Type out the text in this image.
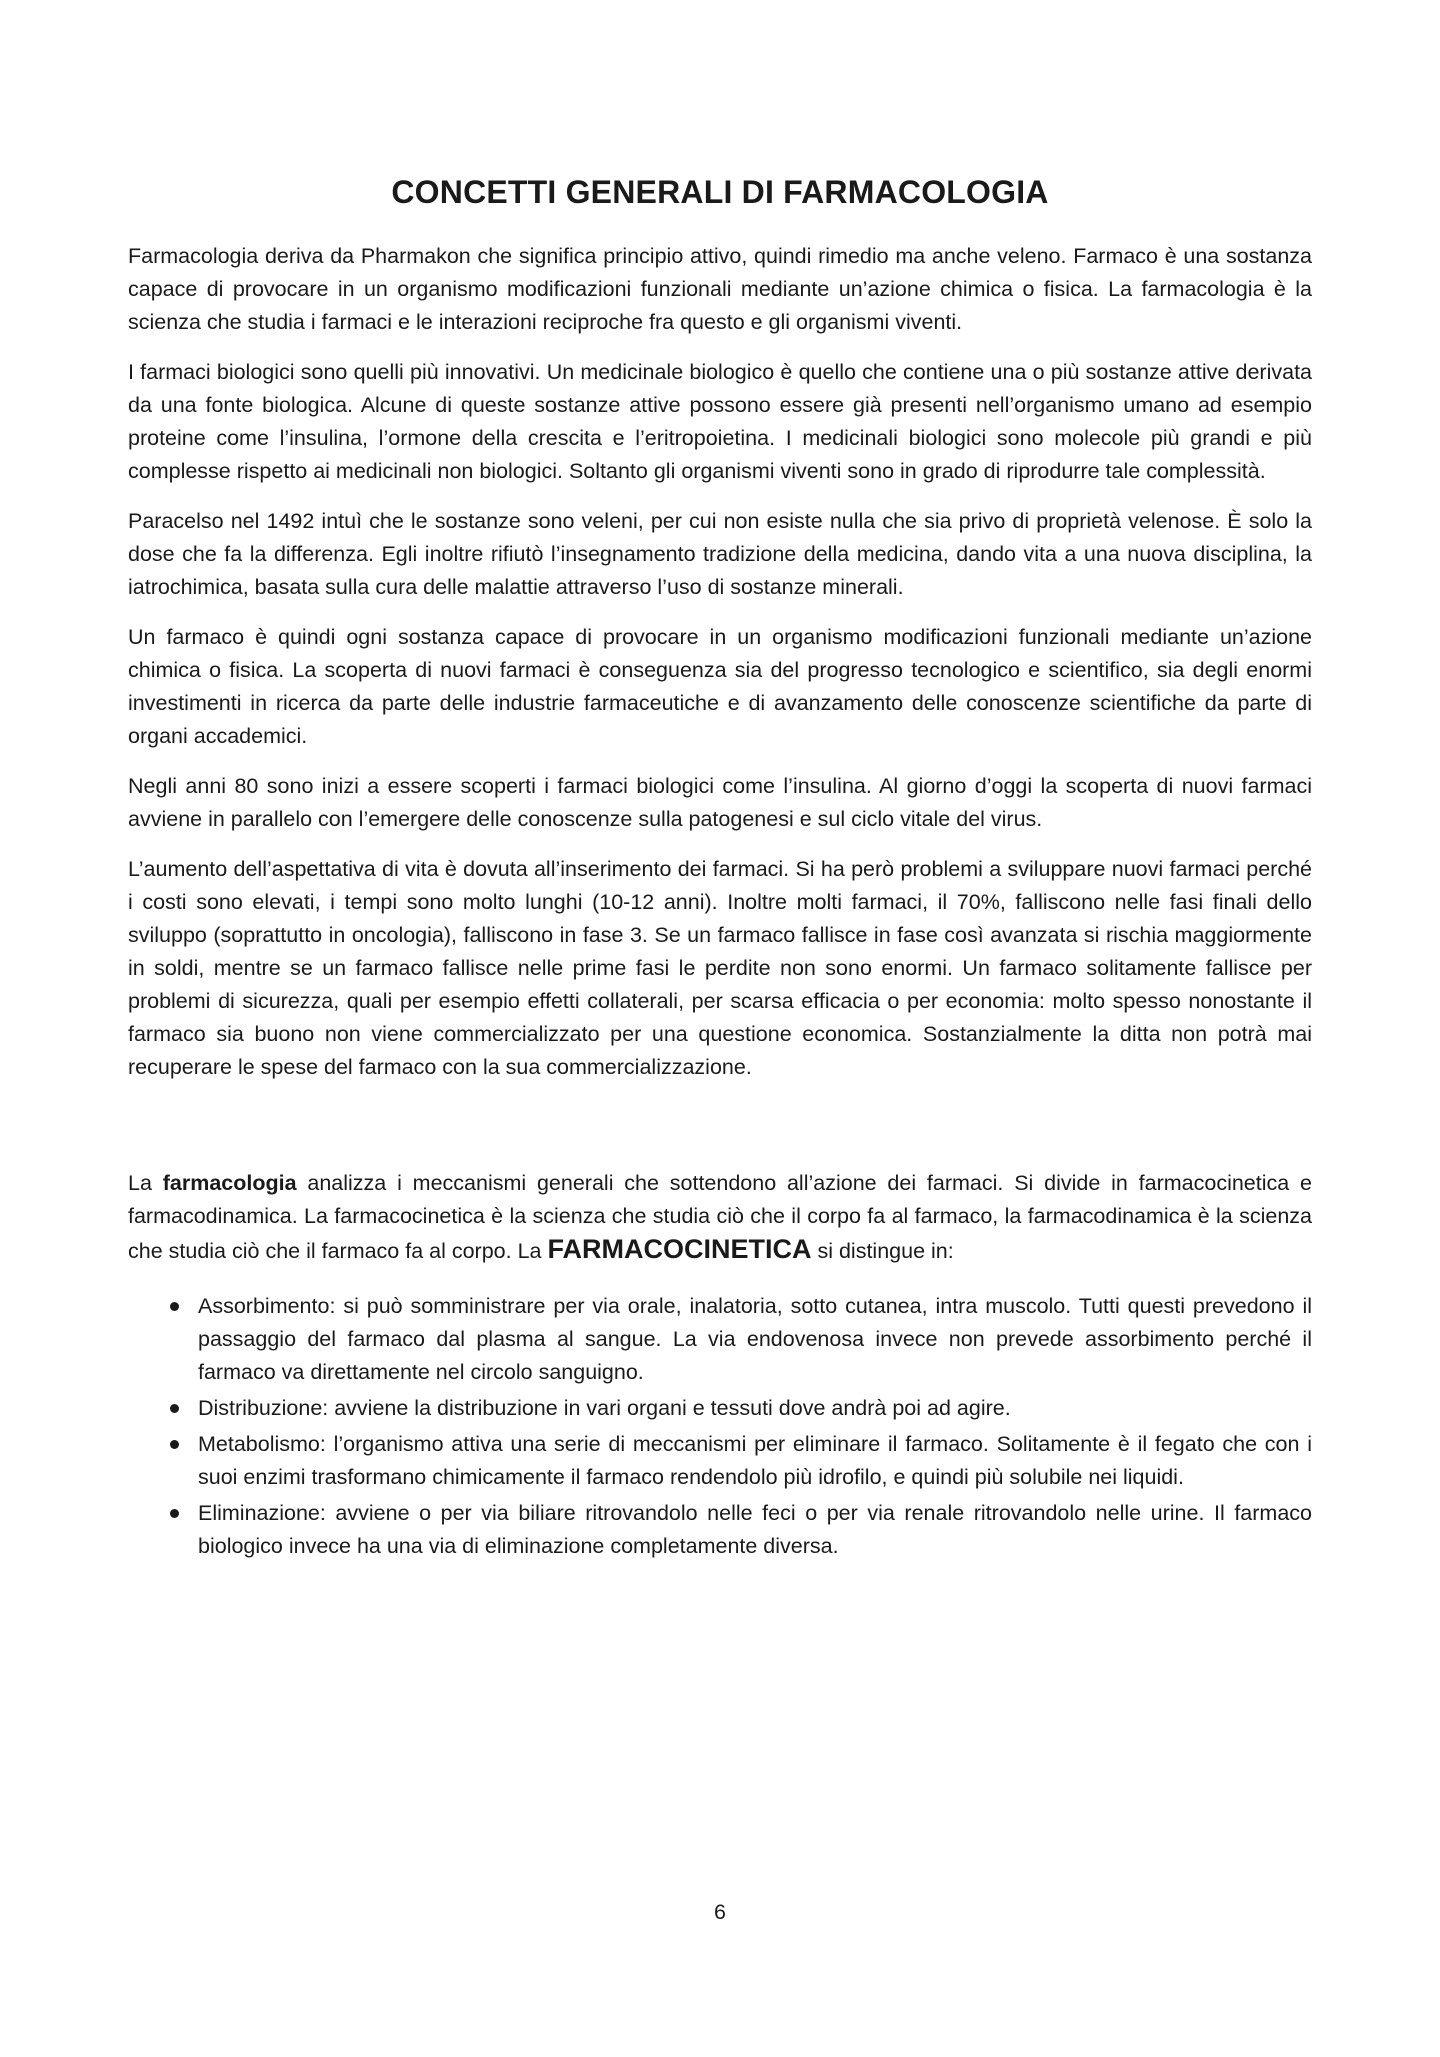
CONCETTI GENERALI DI FARMACOLOGIA

Farmacologia deriva da Pharmakon che significa principio attivo, quindi rimedio ma anche veleno. Farmaco è una sostanza capace di provocare in un organismo modificazioni funzionali mediante un’azione chimica o fisica. La farmacologia è la scienza che studia i farmaci e le interazioni reciproche fra questo e gli organismi viventi.

I farmaci biologici sono quelli più innovativi. Un medicinale biologico è quello che contiene una o più sostanze attive derivata da una fonte biologica. Alcune di queste sostanze attive possono essere già presenti nell’organismo umano ad esempio proteine come l’insulina, l’ormone della crescita e l’eritropoietina. I medicinali biologici sono molecole più grandi e più complesse rispetto ai medicinali non biologici. Soltanto gli organismi viventi sono in grado di riprodurre tale complessità.

Paracelso nel 1492 intuì che le sostanze sono veleni, per cui non esiste nulla che sia privo di proprietà velenose. È solo la dose che fa la differenza. Egli inoltre rifiutò l’insegnamento tradizione della medicina, dando vita a una nuova disciplina, la iatrochimica, basata sulla cura delle malattie attraverso l’uso di sostanze minerali.

Un farmaco è quindi ogni sostanza capace di provocare in un organismo modificazioni funzionali mediante un’azione chimica o fisica. La scoperta di nuovi farmaci è conseguenza sia del progresso tecnologico e scientifico, sia degli enormi investimenti in ricerca da parte delle industrie farmaceutiche e di avanzamento delle conoscenze scientifiche da parte di organi accademici.

Negli anni 80 sono inizi a essere scoperti i farmaci biologici come l’insulina. Al giorno d’oggi la scoperta di nuovi farmaci avviene in parallelo con l’emergere delle conoscenze sulla patogenesi e sul ciclo vitale del virus.

L’aumento dell’aspettativa di vita è dovuta all’inserimento dei farmaci. Si ha però problemi a sviluppare nuovi farmaci perché i costi sono elevati, i tempi sono molto lunghi (10-12 anni). Inoltre molti farmaci, il 70%, falliscono nelle fasi finali dello sviluppo (soprattutto in oncologia), falliscono in fase 3. Se un farmaco fallisce in fase così avanzata si rischia maggiormente in soldi, mentre se un farmaco fallisce nelle prime fasi le perdite non sono enormi. Un farmaco solitamente fallisce per problemi di sicurezza, quali per esempio effetti collaterali, per scarsa efficacia o per economia: molto spesso nonostante il farmaco sia buono non viene commercializzato per una questione economica. Sostanzialmente la ditta non potrà mai recuperare le spese del farmaco con la sua commercializzazione.

La farmacologia analizza i meccanismi generali che sottendono all’azione dei farmaci. Si divide in farmacocinetica e farmacodinamica. La farmacocinetica è la scienza che studia ciò che il corpo fa al farmaco, la farmacodinamica è la scienza che studia ciò che il farmaco fa al corpo. La FARMACOCINETICA si distingue in:

Assorbimento: si può somministrare per via orale, inalatoria, sotto cutanea, intra muscolo. Tutti questi prevedono il passaggio del farmaco dal plasma al sangue. La via endovenosa invece non prevede assorbimento perché il farmaco va direttamente nel circolo sanguigno.
Distribuzione: avviene la distribuzione in vari organi e tessuti dove andrà poi ad agire.
Metabolismo: l’organismo attiva una serie di meccanismi per eliminare il farmaco. Solitamente è il fegato che con i suoi enzimi trasformano chimicamente il farmaco rendendolo più idrofilo, e quindi più solubile nei liquidi.
Eliminazione: avviene o per via biliare ritrovandolo nelle feci o per via renale ritrovandolo nelle urine. Il farmaco biologico invece ha una via di eliminazione completamente diversa.
6
